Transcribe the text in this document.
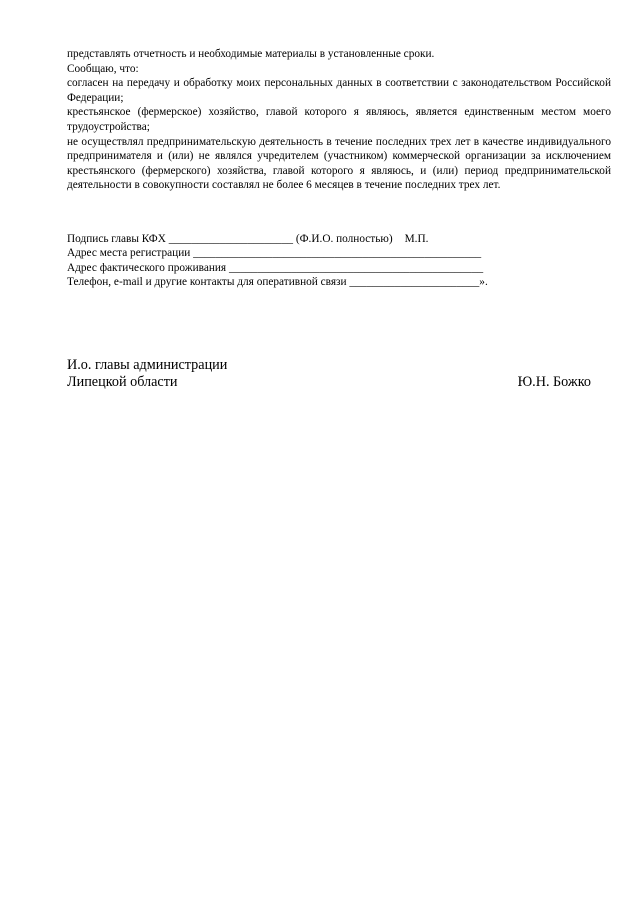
представлять отчетность и необходимые материалы в установленные сроки.

Сообщаю, что:

согласен на передачу и обработку моих персональных данных в соответствии с законодательством Российской Федерации;

крестьянское (фермерское) хозяйство, главой которого я являюсь, является единственным местом моего трудоустройства;

не осуществлял предпринимательскую деятельность в течение последних трех лет в качестве индивидуального предпринимателя и (или) не являлся учредителем (участником) коммерческой организации за исключением крестьянского (фермерского) хозяйства, главой которого я являюсь, и (или) период предпринимательской деятельности в совокупности составлял не более 6 месяцев в течение последних трех лет.

Подпись главы КФХ ______________________ (Ф.И.О. полностью) М.П.
Адрес места регистрации ___________________________________________________
Адрес фактического проживания _____________________________________________
Телефон, e-mail и другие контакты для оперативной связи _______________________».
И.о. главы администрации
Липецкой области	Ю.Н. Божко
